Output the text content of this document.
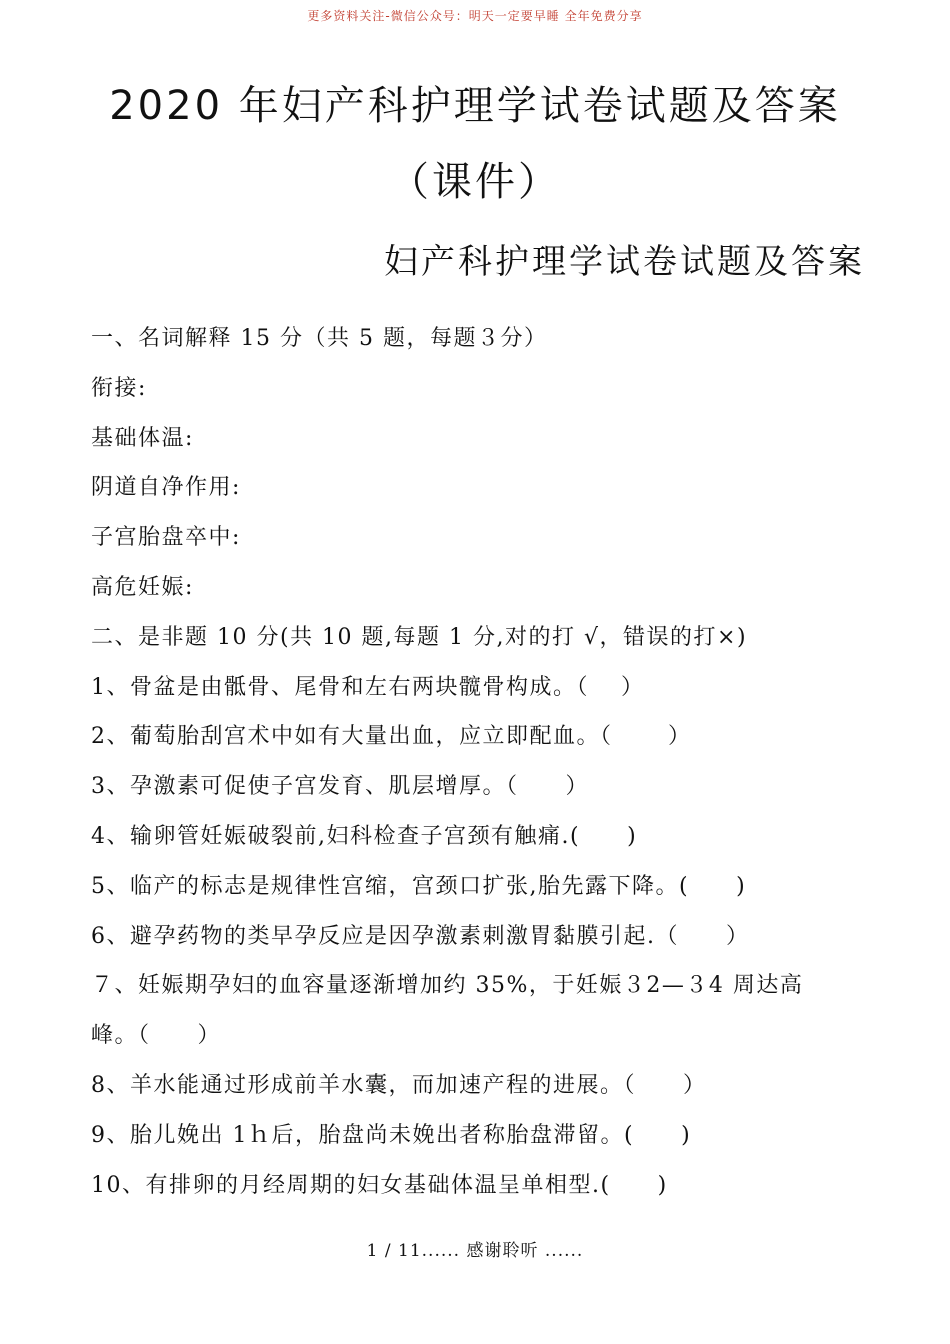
更多资料关注-微信公众号：明天一定要早睡 全年免费分享
2020 年妇产科护理学试卷试题及答案
（课件）
妇产科护理学试卷试题及答案
一、名词解释 15 分（共 5 题，每题３分）
衔接:
基础体温:
阴道自净作用:
子宫胎盘卒中:
高危妊娠:
二、是非题 10 分(共 10 题,每题 1 分,对的打 √，错误的打×)
1、骨盆是由骶骨、尾骨和左右两块髋骨构成。（　 ）
2、葡萄胎刮宫术中如有大量出血，应立即配血。（　　 ）
3、孕激素可促使子宫发育、肌层增厚。（　　）
4、输卵管妊娠破裂前,妇科检查子宫颈有触痛.(　　)
5、临产的标志是规律性宫缩，宫颈口扩张,胎先露下降。(　　)
6、避孕药物的类早孕反应是因孕激素刺激胃黏膜引起.（　　）
７、妊娠期孕妇的血容量逐渐增加约 35%，于妊娠３2—３4 周达高
峰。（　　）
8、羊水能通过形成前羊水囊，而加速产程的进展。（　　）
9、胎儿娩出 1ｈ后，胎盘尚未娩出者称胎盘滞留。(　　)
10、有排卵的月经周期的妇女基础体温呈单相型.(　　)
1 / 11...... 感谢聆听 ......
